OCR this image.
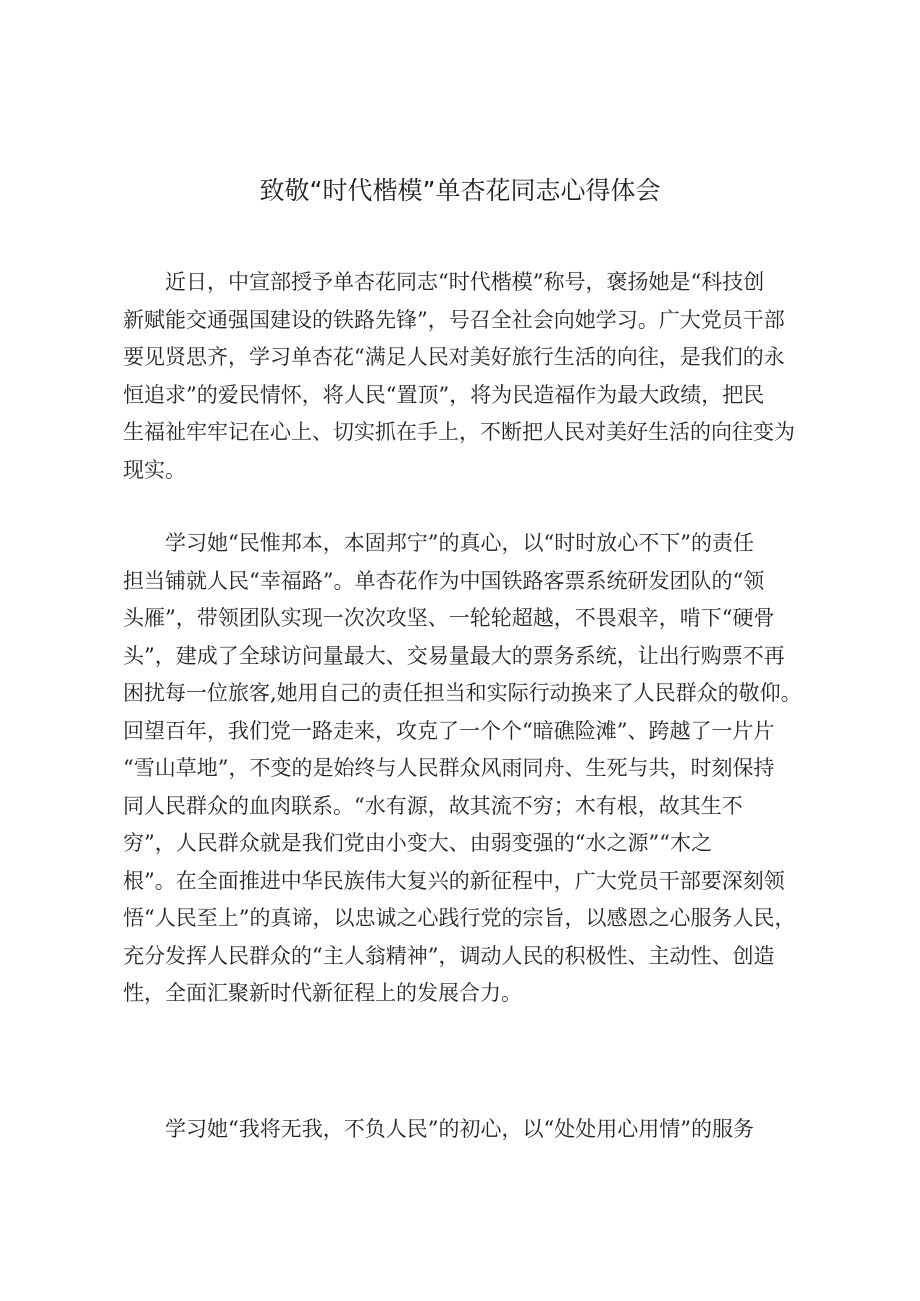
致敬“时代楷模”单杏花同志心得体会
近日，中宣部授予单杏花同志“时代楷模”称号，褒扬她是“科技创
新赋能交通强国建设的铁路先锋”，号召全社会向她学习。广大党员干部
要见贤思齐，学习单杏花“满足人民对美好旅行生活的向往，是我们的永
恒追求”的爱民情怀，将人民“置顶”，将为民造福作为最大政绩，把民
生福祉牢牢记在心上、切实抓在手上，不断把人民对美好生活的向往变为
现实。
学习她“民惟邦本，本固邦宁”的真心，以“时时放心不下”的责任
担当铺就人民“幸福路”。单杏花作为中国铁路客票系统研发团队的“领
头雁”，带领团队实现一次次攻坚、一轮轮超越，不畏艰辛，啃下“硬骨
头”，建成了全球访问量最大、交易量最大的票务系统，让出行购票不再
困扰每一位旅客,她用自己的责任担当和实际行动换来了人民群众的敬仰。
回望百年，我们党一路走来，攻克了一个个“暗礁险滩”、跨越了一片片
“雪山草地”，不变的是始终与人民群众风雨同舟、生死与共，时刻保持
同人民群众的血肉联系。“水有源，故其流不穷；木有根，故其生不
穷”，人民群众就是我们党由小变大、由弱变强的“水之源”“木之
根”。在全面推进中华民族伟大复兴的新征程中，广大党员干部要深刻领
悟“人民至上”的真谛，以忠诚之心践行党的宗旨，以感恩之心服务人民，
充分发挥人民群众的“主人翁精神”，调动人民的积极性、主动性、创造
性，全面汇聚新时代新征程上的发展合力。
学习她“我将无我，不负人民”的初心，以“处处用心用情”的服务
